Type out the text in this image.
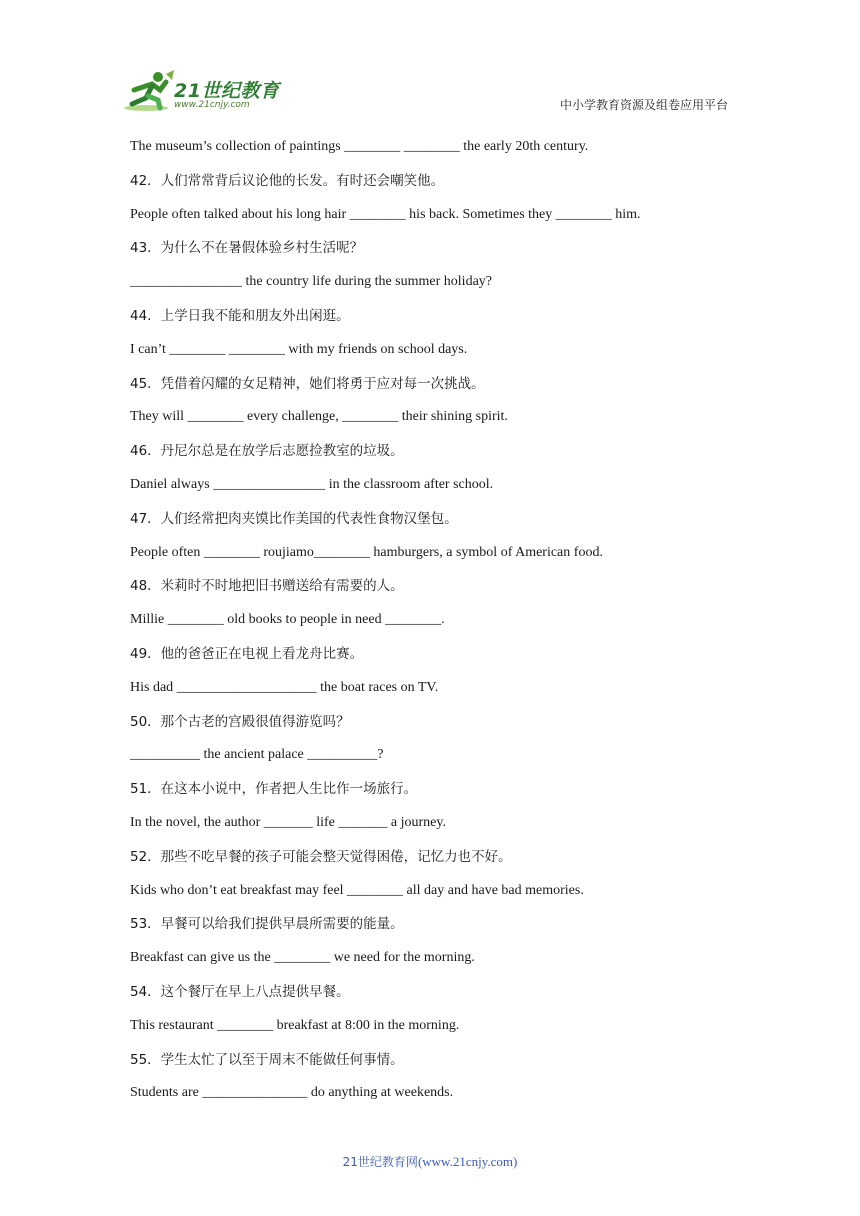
21世纪教育
www.21cnjy.com	中小学教育资源及组卷应用平台
The museum’s collection of paintings ________ ________ the early 20th century.
42．人们常常背后议论他的长发。有时还会嘲笑他。
People often talked about his long hair ________ his back. Sometimes they ________ him.
43．为什么不在暑假体验乡村生活呢？
________________ the country life during the summer holiday?
44．上学日我不能和朋友外出闲逛。
I can’t ________ ________ with my friends on school days.
45．凭借着闪耀的女足精神，她们将勇于应对每一次挑战。
They will ________ every challenge, ________ their shining spirit.
46．丹尼尔总是在放学后志愿捡教室的垃圾。
Daniel always ________________ in the classroom after school.
47．人们经常把肉夹馍比作美国的代表性食物汉堡包。
People often ________ roujiamo________ hamburgers, a symbol of American food.
48．米莉时不时地把旧书赠送给有需要的人。
Millie ________ old books to people in need ________.
49．他的爸爸正在电视上看龙舟比赛。
His dad ____________________ the boat races on TV.
50．那个古老的宫殿很值得游览吗？
__________ the ancient palace __________?
51．在这本小说中，作者把人生比作一场旅行。
In the novel, the author _______ life _______ a journey.
52．那些不吃早餐的孩子可能会整天觉得困倦，记忆力也不好。
Kids who don’t eat breakfast may feel ________ all day and have bad memories.
53．早餐可以给我们提供早晨所需要的能量。
Breakfast can give us the ________ we need for the morning.
54．这个餐厅在早上八点提供早餐。
This restaurant ________ breakfast at 8:00 in the morning.
55．学生太忙了以至于周末不能做任何事情。
Students are _______________ do anything at weekends.
21世纪教育网(www.21cnjy.com)
